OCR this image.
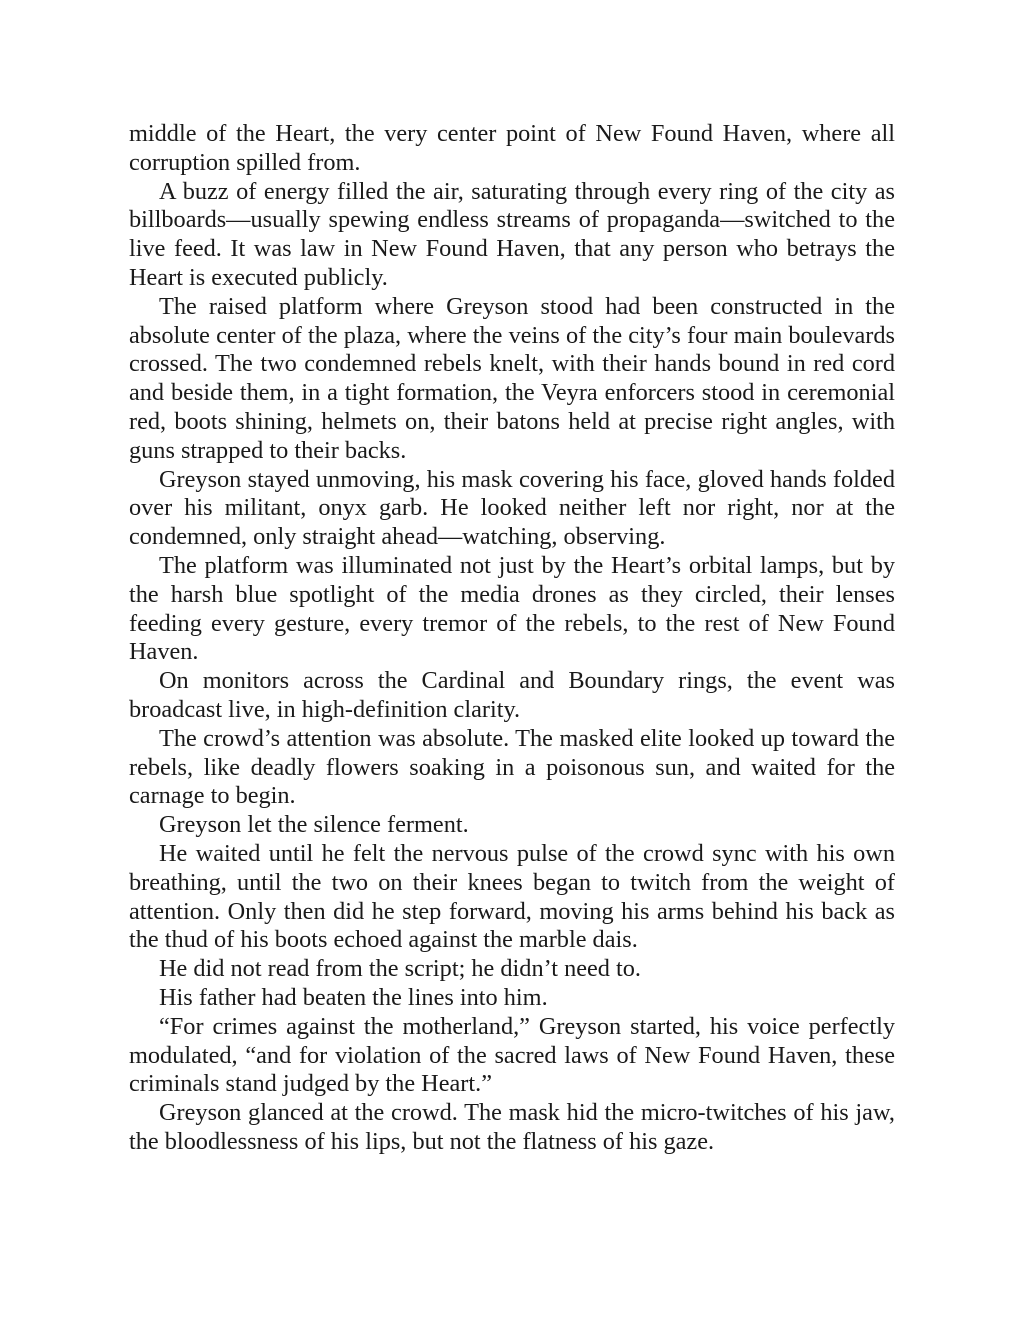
middle of the Heart, the very center point of New Found Haven, where all corruption spilled from.

A buzz of energy filled the air, saturating through every ring of the city as billboards—usually spewing endless streams of propaganda—switched to the live feed. It was law in New Found Haven, that any person who betrays the Heart is executed publicly.

The raised platform where Greyson stood had been constructed in the absolute center of the plaza, where the veins of the city’s four main boulevards crossed. The two condemned rebels knelt, with their hands bound in red cord and beside them, in a tight formation, the Veyra enforcers stood in ceremonial red, boots shining, helmets on, their batons held at precise right angles, with guns strapped to their backs.

Greyson stayed unmoving, his mask covering his face, gloved hands folded over his militant, onyx garb. He looked neither left nor right, nor at the condemned, only straight ahead—watching, observing.

The platform was illuminated not just by the Heart’s orbital lamps, but by the harsh blue spotlight of the media drones as they circled, their lenses feeding every gesture, every tremor of the rebels, to the rest of New Found Haven.

On monitors across the Cardinal and Boundary rings, the event was broadcast live, in high-definition clarity.

The crowd’s attention was absolute. The masked elite looked up toward the rebels, like deadly flowers soaking in a poisonous sun, and waited for the carnage to begin.

Greyson let the silence ferment.

He waited until he felt the nervous pulse of the crowd sync with his own breathing, until the two on their knees began to twitch from the weight of attention. Only then did he step forward, moving his arms behind his back as the thud of his boots echoed against the marble dais.

He did not read from the script; he didn’t need to.

His father had beaten the lines into him.

“For crimes against the motherland,” Greyson started, his voice perfectly modulated, “and for violation of the sacred laws of New Found Haven, these criminals stand judged by the Heart.”

Greyson glanced at the crowd. The mask hid the micro-twitches of his jaw, the bloodlessness of his lips, but not the flatness of his gaze.
